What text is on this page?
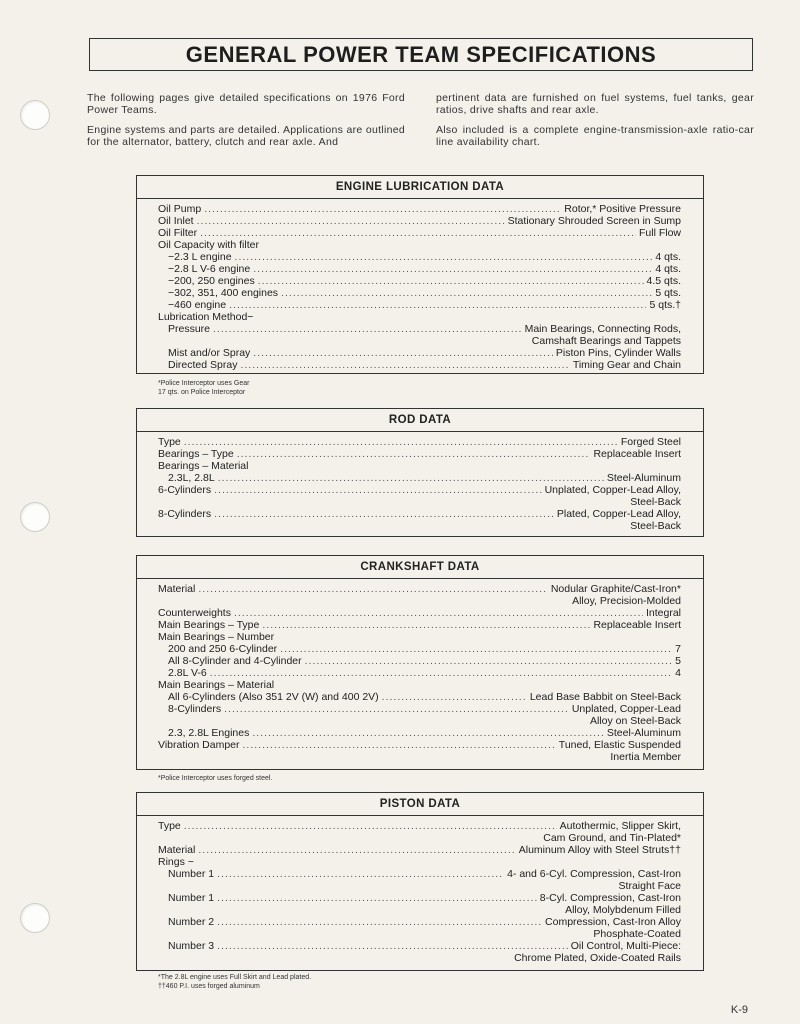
GENERAL POWER TEAM SPECIFICATIONS

The following pages give detailed specifications on 1976 Ford Power Teams.

Engine systems and parts are detailed. Applications are outlined for the alternator, battery, clutch and rear axle. And

pertinent data are furnished on fuel systems, fuel tanks, gear ratios, drive shafts and rear axle.

Also included is a complete engine-transmission-axle ratio-car line availability chart.

ENGINE LUBRICATION DATA
Oil Pump .....	Rotor,* Positive Pressure
Oil Inlet .....	Stationary Shrouded Screen in Sump
Oil Filter .....	Full Flow
Oil Capacity with filter
−2.3 L engine .....	4 qts.
−2.8 L V-6 engine .....	4 qts.
−200, 250 engines .....	4.5 qts.
−302, 351, 400 engines .....	5 qts.
−460 engine .....	5 qts.†
Lubrication Method−
Pressure .....	Main Bearings, Connecting Rods,
Camshaft Bearings and Tappets
Mist and/or Spray .....	Piston Pins, Cylinder Walls
Directed Spray .....	Timing Gear and Chain
*Police Interceptor uses Gear
17 qts. on Police Interceptor
ROD DATA
Type .....	Forged Steel
Bearings – Type .....	Replaceable Insert
Bearings – Material
2.3L, 2.8L .....	Steel-Aluminum
6-Cylinders .....	Unplated, Copper-Lead Alloy,
Steel-Back
8-Cylinders .....	Plated, Copper-Lead Alloy,
Steel-Back
CRANKSHAFT DATA
Material .....	Nodular Graphite/Cast-Iron*
Alloy, Precision-Molded
Counterweights .....	Integral
Main Bearings – Type .....	Replaceable Insert
Main Bearings – Number
200 and 250 6-Cylinder .....	7
All 8-Cylinder and 4-Cylinder .....	5
2.8L V-6 .....	4
Main Bearings – Material
All 6-Cylinders (Also 351 2V (W) and 400 2V) .....	Lead Base Babbit on Steel-Back
8-Cylinders .....	Unplated, Copper-Lead
Alloy on Steel-Back
2.3, 2.8L Engines .....	Steel-Aluminum
Vibration Damper .....	Tuned, Elastic Suspended
Inertia Member
*Police Interceptor uses forged steel.
PISTON DATA
Type .....	Autothermic, Slipper Skirt,
Cam Ground, and Tin-Plated*
Material .....	Aluminum Alloy with Steel Struts††
Rings −
Number 1 .....	4- and 6-Cyl. Compression, Cast-Iron
Straight Face
Number 1 .....	8-Cyl. Compression, Cast-Iron
Alloy, Molybdenum Filled
Number 2 .....	Compression, Cast-Iron Alloy
Phosphate-Coated
Number 3 .....	Oil Control, Multi-Piece:
Chrome Plated, Oxide-Coated Rails
*The 2.8L engine uses Full Skirt and Lead plated.
††460 P.I. uses forged aluminum
K-9
